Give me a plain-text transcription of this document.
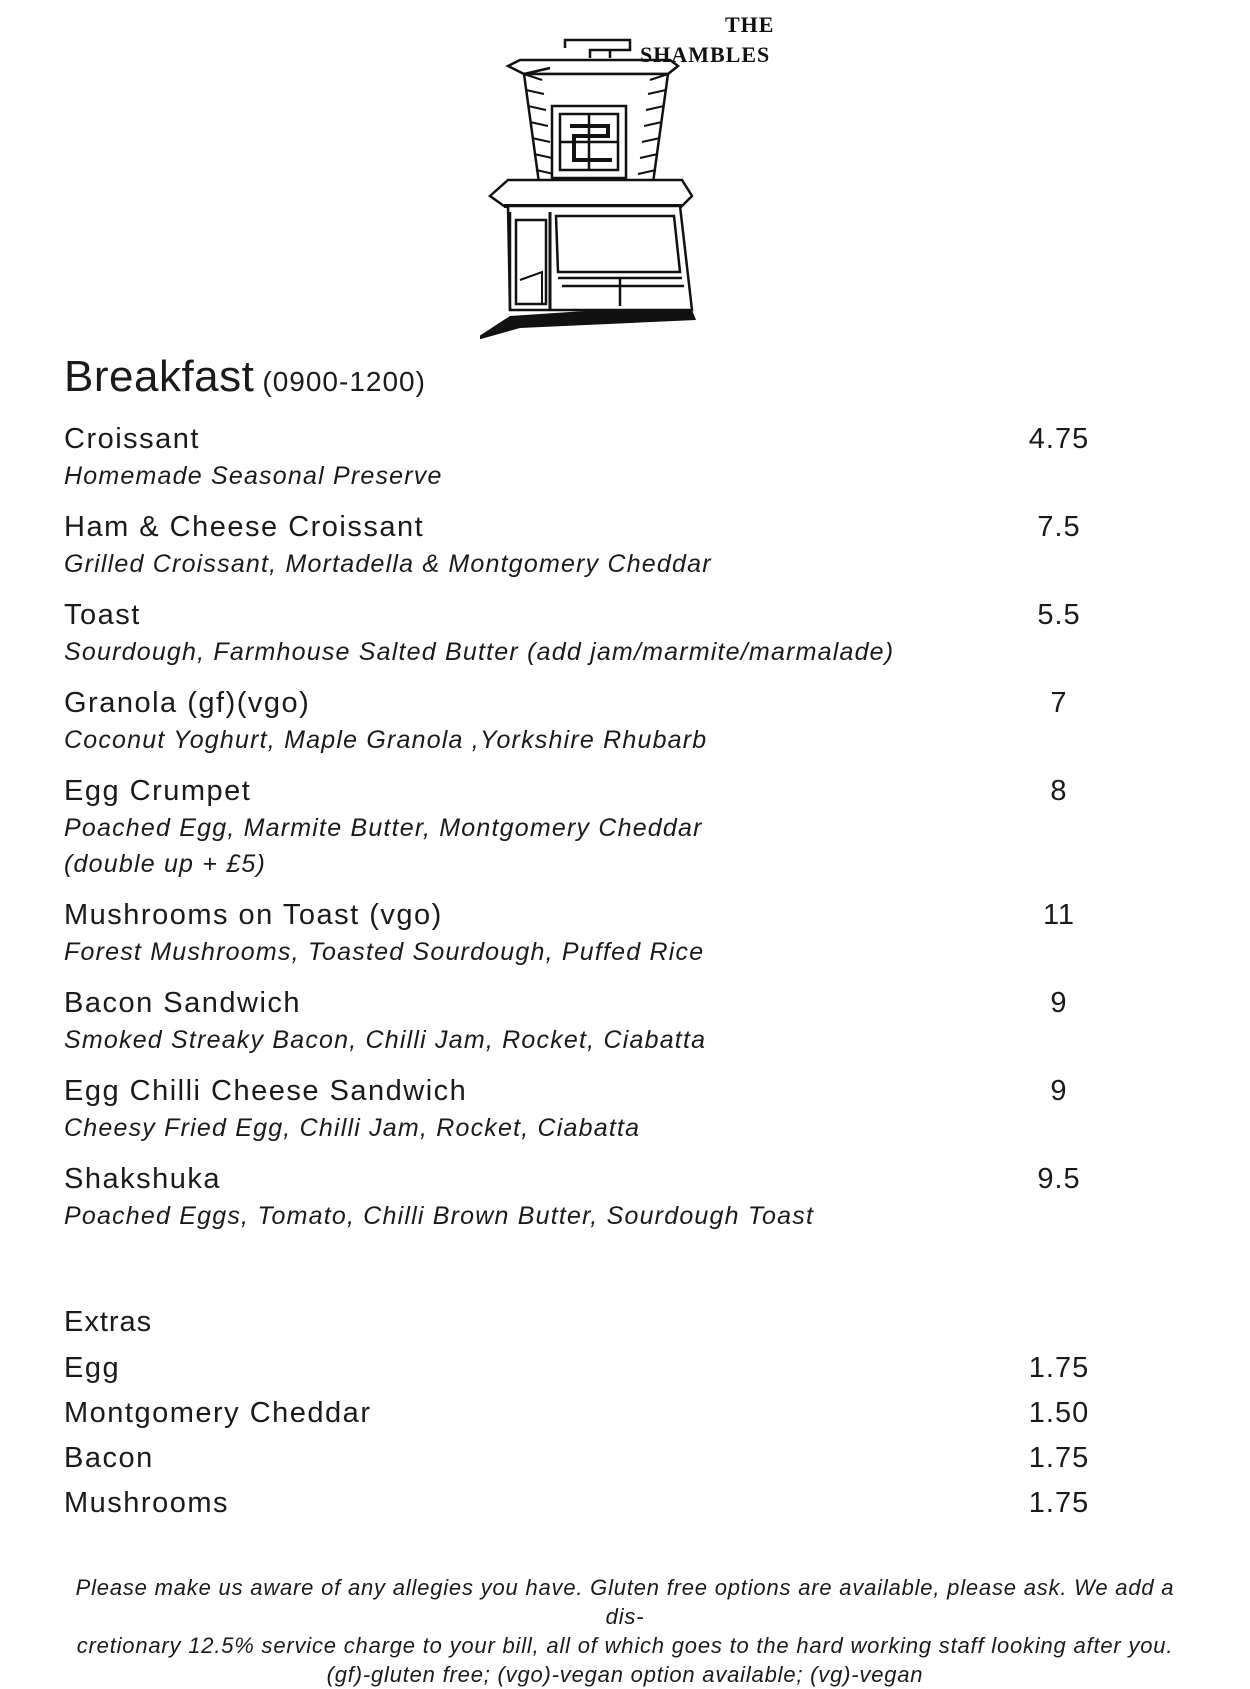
THE
SHAMBLES
Breakfast (0900-1200)
Croissant	4.75
Homemade Seasonal Preserve
Ham & Cheese Croissant	7.5
Grilled Croissant, Mortadella & Montgomery Cheddar
Toast	5.5
Sourdough, Farmhouse Salted Butter (add jam/marmite/marmalade)
Granola (gf)(vgo)	7
Coconut Yoghurt, Maple Granola ,Yorkshire Rhubarb
Egg Crumpet	8
Poached Egg, Marmite Butter, Montgomery Cheddar
(double up + £5)
Mushrooms on Toast (vgo)	11
Forest Mushrooms, Toasted Sourdough, Puffed Rice
Bacon Sandwich	9
Smoked Streaky Bacon, Chilli Jam, Rocket, Ciabatta
Egg Chilli Cheese Sandwich	9
Cheesy Fried Egg, Chilli Jam, Rocket, Ciabatta
Shakshuka	9.5
Poached Eggs, Tomato, Chilli Brown Butter, Sourdough Toast
Extras
Egg	1.75
Montgomery Cheddar	1.50
Bacon	1.75
Mushrooms	1.75
Please make us aware of any allegies you have. Gluten free options are available, please ask. We add a dis-
cretionary 12.5% service charge to your bill, all of which goes to the hard working staff looking after you.
(gf)-gluten free; (vgo)-vegan option available; (vg)-vegan
